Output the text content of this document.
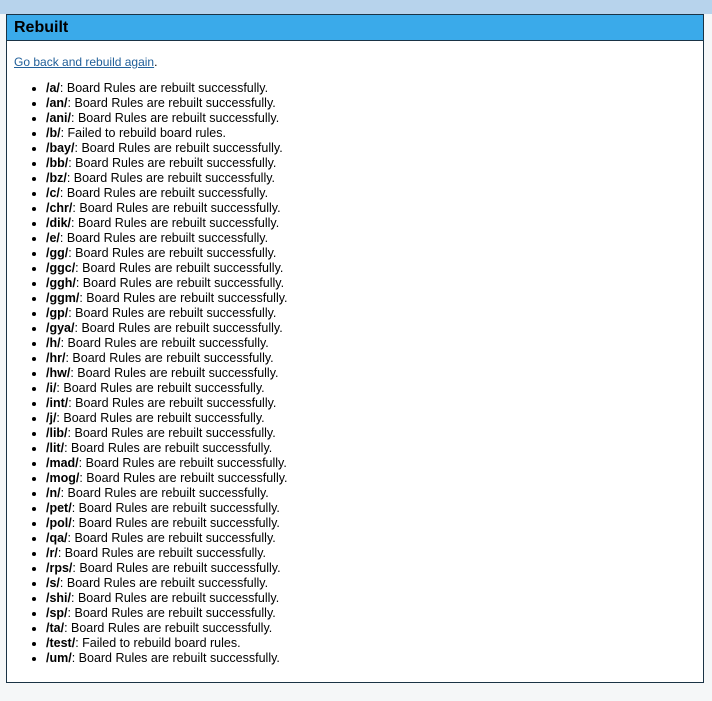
Rebuilt

Go back and rebuild again.

• /a/: Board Rules are rebuilt successfully.
• /an/: Board Rules are rebuilt successfully.
• /ani/: Board Rules are rebuilt successfully.
• /b/: Failed to rebuild board rules.
• /bay/: Board Rules are rebuilt successfully.
• /bb/: Board Rules are rebuilt successfully.
• /bz/: Board Rules are rebuilt successfully.
• /c/: Board Rules are rebuilt successfully.
• /chr/: Board Rules are rebuilt successfully.
• /dik/: Board Rules are rebuilt successfully.
• /e/: Board Rules are rebuilt successfully.
• /gg/: Board Rules are rebuilt successfully.
• /ggc/: Board Rules are rebuilt successfully.
• /ggh/: Board Rules are rebuilt successfully.
• /ggm/: Board Rules are rebuilt successfully.
• /gp/: Board Rules are rebuilt successfully.
• /gya/: Board Rules are rebuilt successfully.
• /h/: Board Rules are rebuilt successfully.
• /hr/: Board Rules are rebuilt successfully.
• /hw/: Board Rules are rebuilt successfully.
• /i/: Board Rules are rebuilt successfully.
• /int/: Board Rules are rebuilt successfully.
• /j/: Board Rules are rebuilt successfully.
• /lib/: Board Rules are rebuilt successfully.
• /lit/: Board Rules are rebuilt successfully.
• /mad/: Board Rules are rebuilt successfully.
• /mog/: Board Rules are rebuilt successfully.
• /n/: Board Rules are rebuilt successfully.
• /pet/: Board Rules are rebuilt successfully.
• /pol/: Board Rules are rebuilt successfully.
• /qa/: Board Rules are rebuilt successfully.
• /r/: Board Rules are rebuilt successfully.
• /rps/: Board Rules are rebuilt successfully.
• /s/: Board Rules are rebuilt successfully.
• /shi/: Board Rules are rebuilt successfully.
• /sp/: Board Rules are rebuilt successfully.
• /ta/: Board Rules are rebuilt successfully.
• /test/: Failed to rebuild board rules.
• /um/: Board Rules are rebuilt successfully.
